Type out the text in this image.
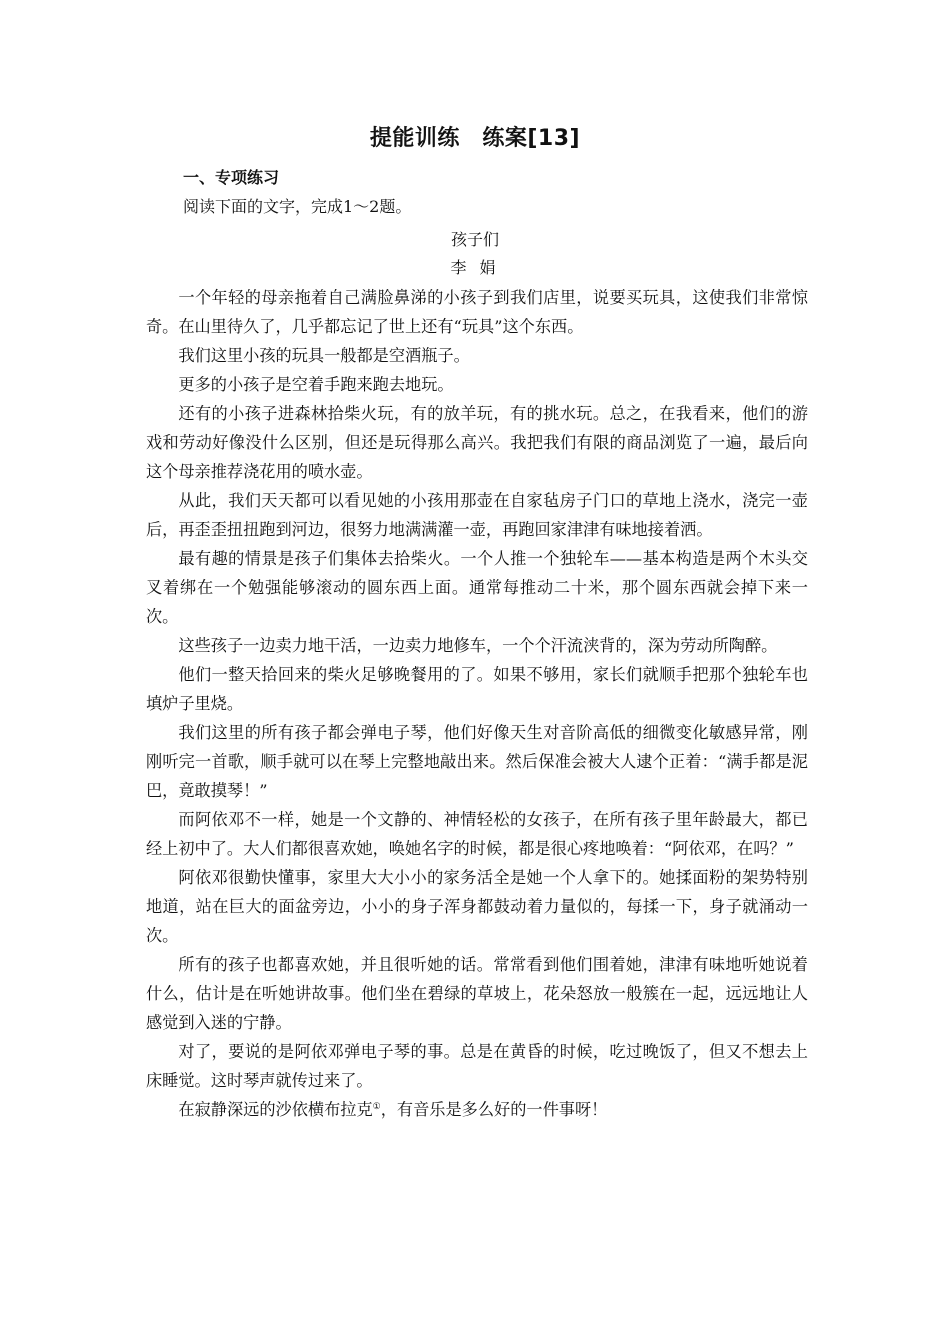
提能训练　练案[13]
一、专项练习
阅读下面的文字，完成1～2题。
孩子们
李 娟

一个年轻的母亲拖着自己满脸鼻涕的小孩子到我们店里，说要买玩具，这使我们非常惊奇。在山里待久了，几乎都忘记了世上还有“玩具”这个东西。

我们这里小孩的玩具一般都是空酒瓶子。

更多的小孩子是空着手跑来跑去地玩。

还有的小孩子进森林拾柴火玩，有的放羊玩，有的挑水玩。总之，在我看来，他们的游戏和劳动好像没什么区别，但还是玩得那么高兴。我把我们有限的商品浏览了一遍，最后向这个母亲推荐浇花用的喷水壶。

从此，我们天天都可以看见她的小孩用那壶在自家毡房子门口的草地上浇水，浇完一壶后，再歪歪扭扭跑到河边，很努力地满满灌一壶，再跑回家津津有味地接着洒。

最有趣的情景是孩子们集体去拾柴火。一个人推一个独轮车——基本构造是两个木头交叉着绑在一个勉强能够滚动的圆东西上面。通常每推动二十米，那个圆东西就会掉下来一次。

这些孩子一边卖力地干活，一边卖力地修车，一个个汗流浃背的，深为劳动所陶醉。

他们一整天拾回来的柴火足够晚餐用的了。如果不够用，家长们就顺手把那个独轮车也填炉子里烧。

我们这里的所有孩子都会弹电子琴，他们好像天生对音阶高低的细微变化敏感异常，刚刚听完一首歌，顺手就可以在琴上完整地敲出来。然后保准会被大人逮个正着：“满手都是泥巴，竟敢摸琴！”

而阿依邓不一样，她是一个文静的、神情轻松的女孩子，在所有孩子里年龄最大，都已经上初中了。大人们都很喜欢她，唤她名字的时候，都是很心疼地唤着：“阿依邓，在吗？”

阿依邓很勤快懂事，家里大大小小的家务活全是她一个人拿下的。她揉面粉的架势特别地道，站在巨大的面盆旁边，小小的身子浑身都鼓动着力量似的，每揉一下，身子就涌动一次。

所有的孩子也都喜欢她，并且很听她的话。常常看到他们围着她，津津有味地听她说着什么，估计是在听她讲故事。他们坐在碧绿的草坡上，花朵怒放一般簇在一起，远远地让人感觉到入迷的宁静。

对了，要说的是阿依邓弹电子琴的事。总是在黄昏的时候，吃过晚饭了，但又不想去上床睡觉。这时琴声就传过来了。

在寂静深远的沙依横布拉克①，有音乐是多么好的一件事呀！
